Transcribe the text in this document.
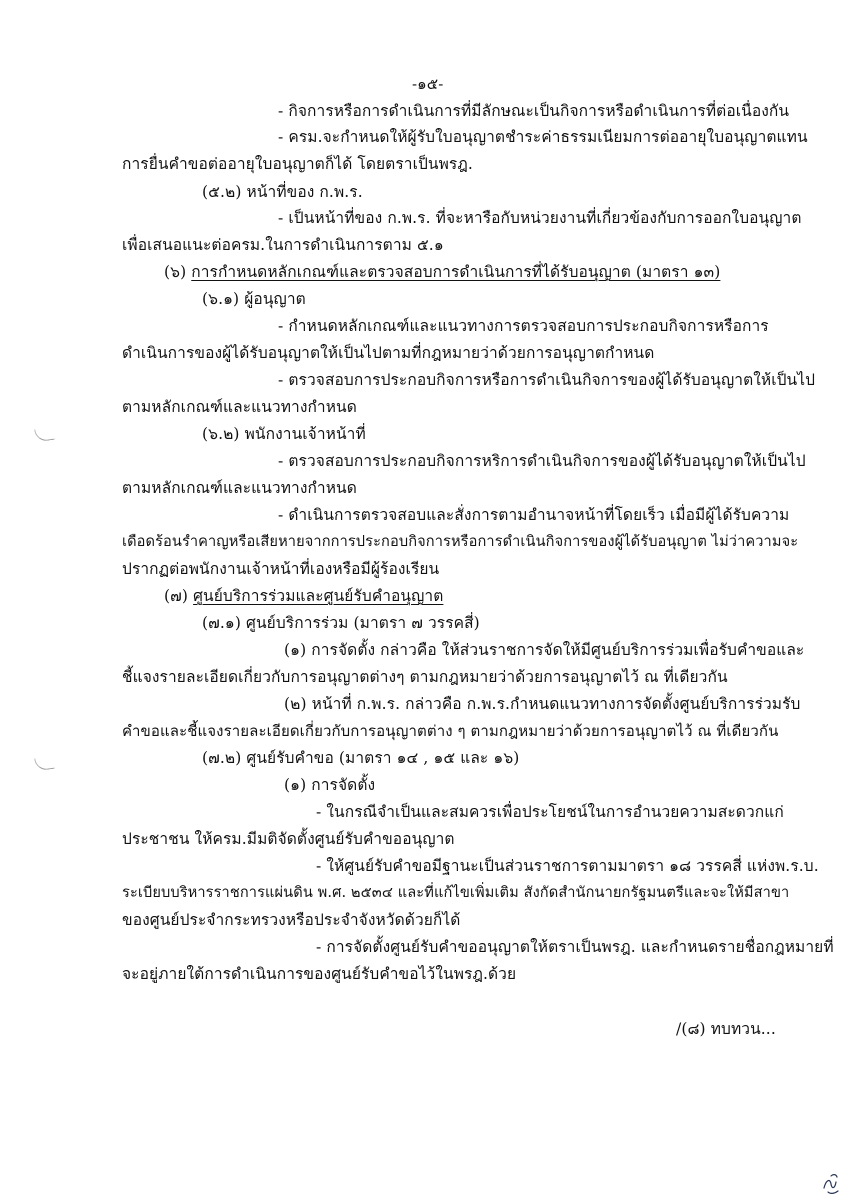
-๑๕-
- กิจการหรือการดำเนินการที่มีลักษณะเป็นกิจการหรือดำเนินการที่ต่อเนื่องกัน
- ครม.จะกำหนดให้ผู้รับใบอนุญาตชำระค่าธรรมเนียมการต่ออายุใบอนุญาตแทน
การยื่นคำขอต่ออายุใบอนุญาตก็ได้ โดยตราเป็นพรฎ.
(๕.๒) หน้าที่ของ ก.พ.ร.
- เป็นหน้าที่ของ ก.พ.ร. ที่จะหารือกับหน่วยงานที่เกี่ยวข้องกับการออกใบอนุญาต
เพื่อเสนอแนะต่อครม.ในการดำเนินการตาม ๕.๑
(๖) การกำหนดหลักเกณฑ์และตรวจสอบการดำเนินการที่ได้รับอนุญาต (มาตรา ๑๓)
(๖.๑) ผู้อนุญาต
- กำหนดหลักเกณฑ์และแนวทางการตรวจสอบการประกอบกิจการหรือการ
ดำเนินการของผู้ได้รับอนุญาตให้เป็นไปตามที่กฎหมายว่าด้วยการอนุญาตกำหนด
- ตรวจสอบการประกอบกิจการหรือการดำเนินกิจการของผู้ได้รับอนุญาตให้เป็นไป
ตามหลักเกณฑ์และแนวทางกำหนด
(๖.๒) พนักงานเจ้าหน้าที่
- ตรวจสอบการประกอบกิจการหริการดำเนินกิจการของผู้ได้รับอนุญาตให้เป็นไป
ตามหลักเกณฑ์และแนวทางกำหนด
- ดำเนินการตรวจสอบและสั่งการตามอำนาจหน้าที่โดยเร็ว เมื่อมีผู้ได้รับความ
เดือดร้อนรำคาญหรือเสียหายจากการประกอบกิจการหรือการดำเนินกิจการของผู้ได้รับอนุญาต ไม่ว่าความจะ
ปรากฏต่อพนักงานเจ้าหน้าที่เองหรือมีผู้ร้องเรียน
(๗) ศูนย์บริการร่วมและศูนย์รับคำอนุญาต
(๗.๑) ศูนย์บริการร่วม (มาตรา ๗ วรรคสี่)
(๑) การจัดตั้ง กล่าวคือ ให้ส่วนราชการจัดให้มีศูนย์บริการร่วมเพื่อรับคำขอและ
ชี้แจงรายละเอียดเกี่ยวกับการอนุญาตต่างๆ ตามกฎหมายว่าด้วยการอนุญาตไว้ ณ ที่เดียวกัน
(๒) หน้าที่ ก.พ.ร. กล่าวคือ ก.พ.ร.กำหนดแนวทางการจัดตั้งศูนย์บริการร่วมรับ
คำขอและชี้แจงรายละเอียดเกี่ยวกับการอนุญาตต่าง ๆ ตามกฎหมายว่าด้วยการอนุญาตไว้ ณ ที่เดียวกัน
(๗.๒) ศูนย์รับคำขอ (มาตรา ๑๔ , ๑๕ และ ๑๖)
(๑) การจัดตั้ง
- ในกรณีจำเป็นและสมควรเพื่อประโยชน์ในการอำนวยความสะดวกแก่
ประชาชน ให้ครม.มีมติจัดตั้งศูนย์รับคำขออนุญาต
- ให้ศูนย์รับคำขอมีฐานะเป็นส่วนราชการตามมาตรา ๑๘ วรรคสี่ แห่งพ.ร.บ.
ระเบียบบริหารราชการแผ่นดิน พ.ศ. ๒๕๓๔ และที่แก้ไขเพิ่มเติม สังกัดสำนักนายกรัฐมนตรีและจะให้มีสาขา
ของศูนย์ประจำกระทรวงหรือประจำจังหวัดด้วยก็ได้
- การจัดตั้งศูนย์รับคำขออนุญาตให้ตราเป็นพรฎ. และกำหนดรายชื่อกฎหมายที่
จะอยู่ภายใต้การดำเนินการของศูนย์รับคำขอไว้ในพรฎ.ด้วย
/(๘) ทบทวน...
